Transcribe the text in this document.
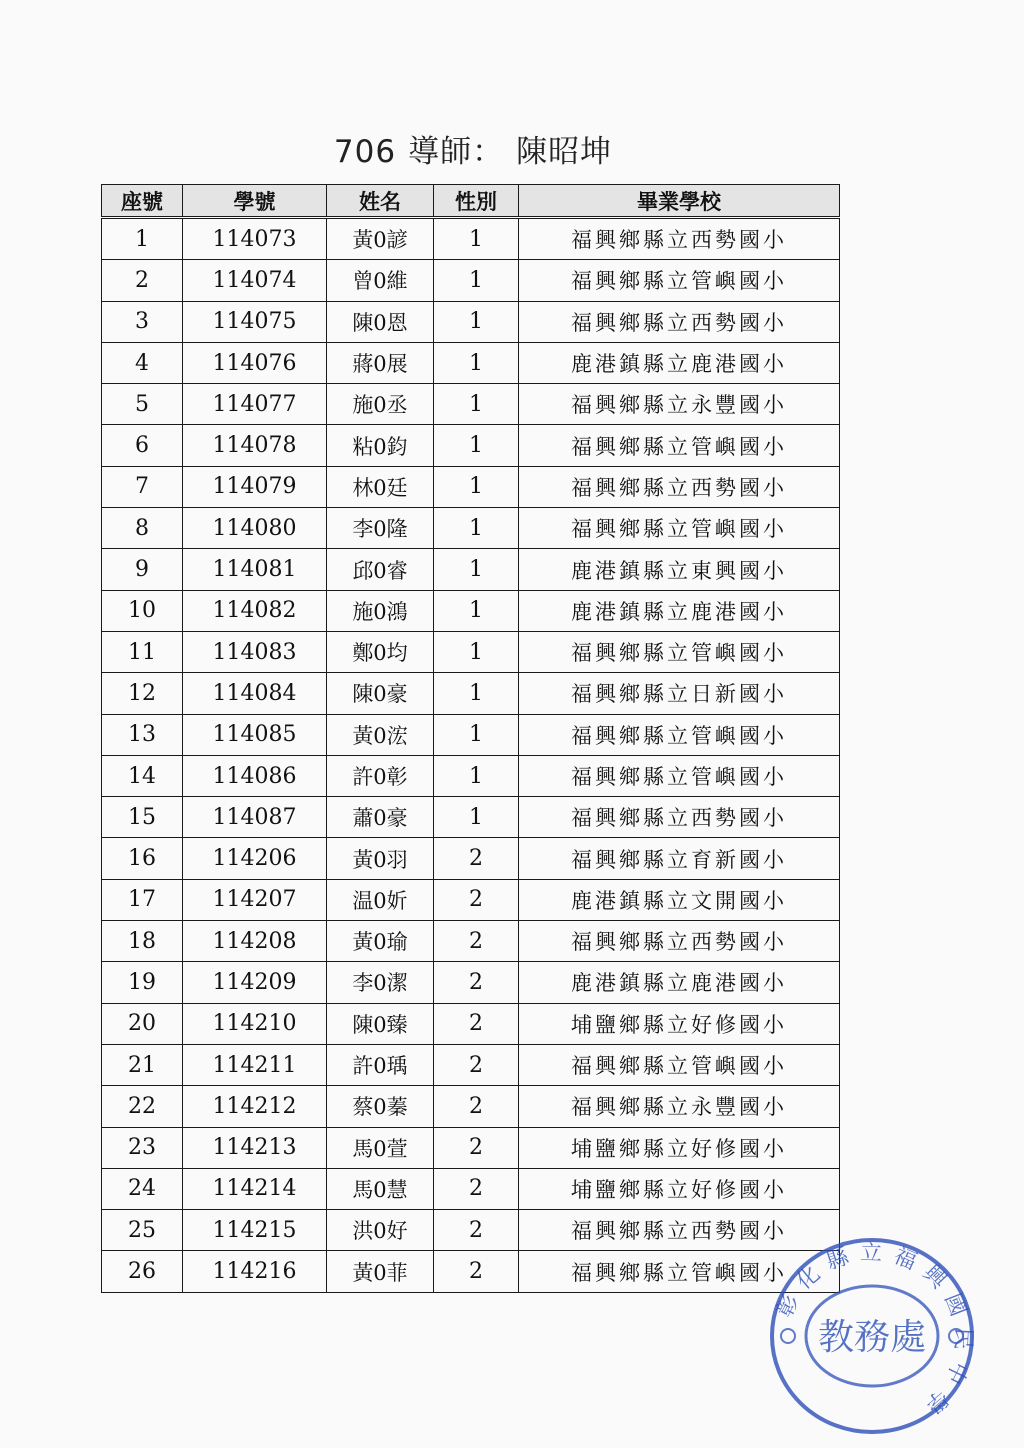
706 導師： 陳昭坤
座號	學號	姓名	性別	畢業學校
1	114073	黃0諺	1	福興鄉縣立西勢國小
2	114074	曾0維	1	福興鄉縣立管嶼國小
3	114075	陳0恩	1	福興鄉縣立西勢國小
4	114076	蔣0展	1	鹿港鎮縣立鹿港國小
5	114077	施0丞	1	福興鄉縣立永豐國小
6	114078	粘0鈞	1	福興鄉縣立管嶼國小
7	114079	林0廷	1	福興鄉縣立西勢國小
8	114080	李0隆	1	福興鄉縣立管嶼國小
9	114081	邱0睿	1	鹿港鎮縣立東興國小
10	114082	施0鴻	1	鹿港鎮縣立鹿港國小
11	114083	鄭0均	1	福興鄉縣立管嶼國小
12	114084	陳0豪	1	福興鄉縣立日新國小
13	114085	黃0浤	1	福興鄉縣立管嶼國小
14	114086	許0彰	1	福興鄉縣立管嶼國小
15	114087	蕭0豪	1	福興鄉縣立西勢國小
16	114206	黃0羽	2	福興鄉縣立育新國小
17	114207	温0妡	2	鹿港鎮縣立文開國小
18	114208	黃0瑜	2	福興鄉縣立西勢國小
19	114209	李0潔	2	鹿港鎮縣立鹿港國小
20	114210	陳0臻	2	埔鹽鄉縣立好修國小
21	114211	許0瑀	2	福興鄉縣立管嶼國小
22	114212	蔡0蓁	2	福興鄉縣立永豐國小
23	114213	馬0萱	2	埔鹽鄉縣立好修國小
24	114214	馬0慧	2	埔鹽鄉縣立好修國小
25	114215	洪0好	2	福興鄉縣立西勢國小
26	114216	黃0菲	2	福興鄉縣立管嶼國小
彰化縣立福興國民中學
教務處
